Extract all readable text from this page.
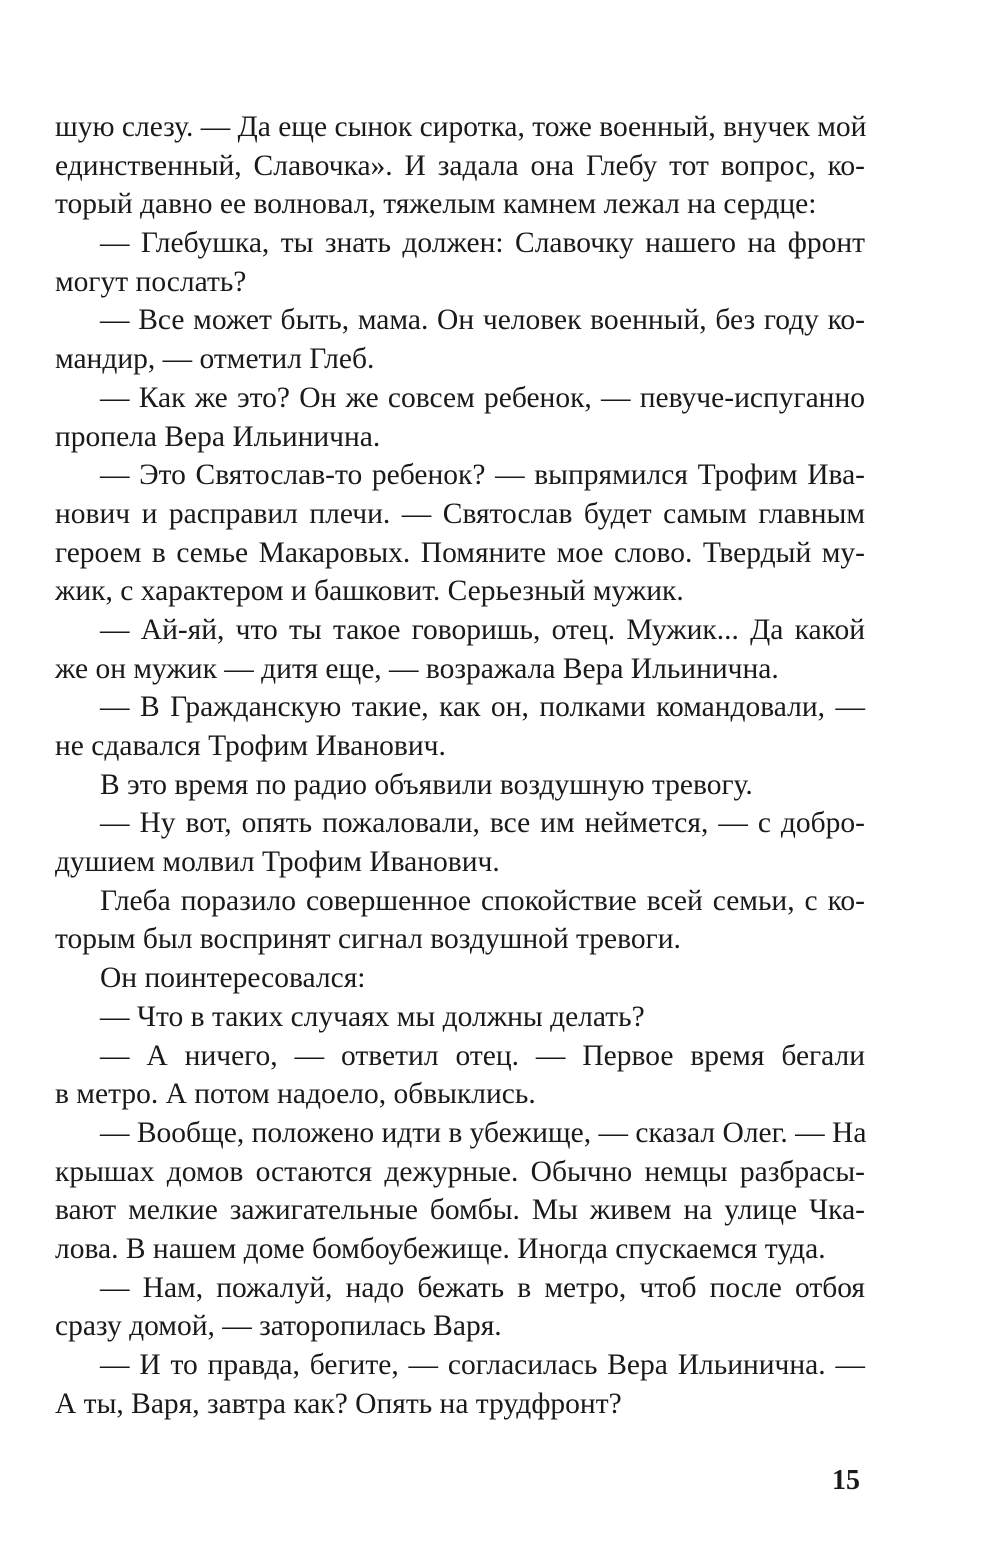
шую слезу. — Да еще сынок сиротка, тоже военный, внучек мой
единственный, Славочка». И задала она Глебу тот вопрос, ко-
торый давно ее волновал, тяжелым камнем лежал на сердце:
— Глебушка, ты знать должен: Славочку нашего на фронт
могут послать?
— Все может быть, мама. Он человек военный, без году ко-
мандир, — отметил Глеб.
— Как же это? Он же совсем ребенок, — певуче-испуганно
пропела Вера Ильинична.
— Это Святослав-то ребенок? — выпрямился Трофим Ива-
нович и расправил плечи. — Святослав будет самым главным
героем в семье Макаровых. Помяните мое слово. Твердый му-
жик, с характером и башковит. Серьезный мужик.
— Ай-яй, что ты такое говоришь, отец. Мужик... Да какой
же он мужик — дитя еще, — возражала Вера Ильинична.
— В Гражданскую такие, как он, полками командовали, —
не сдавался Трофим Иванович.
В это время по радио объявили воздушную тревогу.
— Ну вот, опять пожаловали, все им неймется, — с добро-
душием молвил Трофим Иванович.
Глеба поразило совершенное спокойствие всей семьи, с ко-
торым был воспринят сигнал воздушной тревоги.
Он поинтересовался:
— Что в таких случаях мы должны делать?
— А ничего, — ответил отец. — Первое время бегали
в метро. А потом надоело, обвыклись.
— Вообще, положено идти в убежище, — сказал Олег. — На
крышах домов остаются дежурные. Обычно немцы разбрасы-
вают мелкие зажигательные бомбы. Мы живем на улице Чка-
лова. В нашем доме бомбоубежище. Иногда спускаемся туда.
— Нам, пожалуй, надо бежать в метро, чтоб после отбоя
сразу домой, — заторопилась Варя.
— И то правда, бегите, — согласилась Вера Ильинична. —
А ты, Варя, завтра как? Опять на трудфронт?
15
